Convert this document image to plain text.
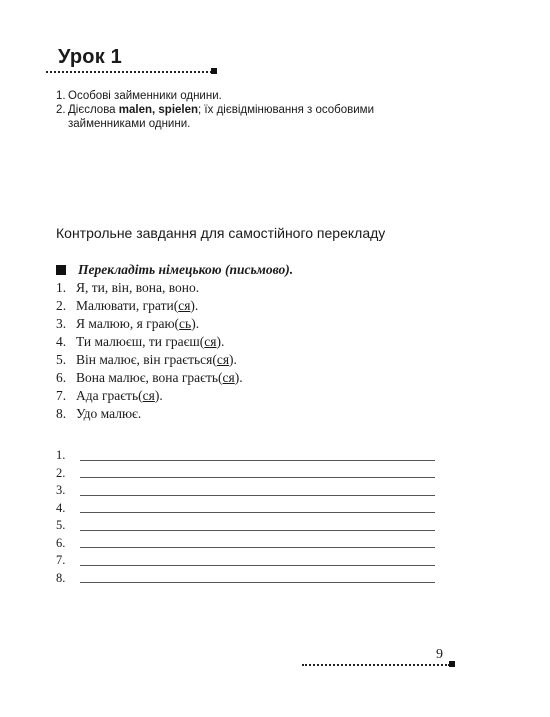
Урок 1
1. Особові займенники однини.
2. Дієслова malen, spielen; їх дієвідмінювання з особовими займенниками однини.
Контрольне завдання для самостійного перекладу
Перекладіть німецькою (письмово).
1. Я, ти, він, вона, воно.
2. Малювати, грати(ся).
3. Я малюю, я граю(сь).
4. Ти малюєш, ти граєш(ся).
5. Він малює, він грається(ся).
6. Вона малює, вона граєть(ся).
7. Ада граєть(ся).
8. Удо малює.
1.
2.
3.
4.
5.
6.
7.
8.
9
